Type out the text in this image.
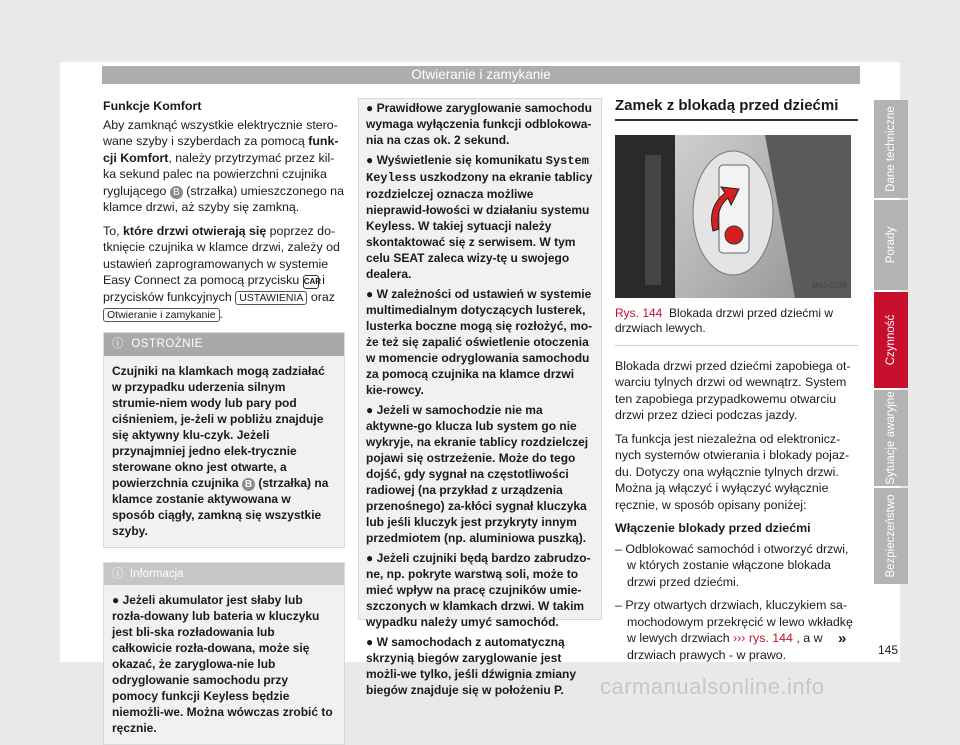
Otwieranie i zamykanie
Funkcje Komfort

Aby zamknąć wszystkie elektrycznie stero-wane szyby i szyberdach za pomocą funk-cji Komfort, należy przytrzymać przez kil-ka sekund palec na powierzchni czujnika ryglującego B (strzałka) umieszczonego na klamce drzwi, aż szyby się zamkną.

To, które drzwi otwierają się poprzez do-tknięcie czujnika w klamce drzwi, zależy od ustawień zaprogramowanych w systemie Easy Connect za pomocą przycisku CAR i przycisków funkcyjnych USTAWIENIA oraz Otwieranie i zamykanie .

ⓘ OSTROŻNIE
Czujniki na klamkach mogą zadziałać w przypadku uderzenia silnym strumie-niem wody lub pary pod ciśnieniem, je-żeli w pobliżu znajduje się aktywny klu-czyk. Jeżeli przynajmniej jedno elek-trycznie sterowane okno jest otwarte, a powierzchnia czujnika B (strzałka) na klamce zostanie aktywowana w sposób ciągły, zamkną się wszystkie szyby.
ⓘ Informacja
● Jeżeli akumulator jest słaby lub rozła-dowany lub bateria w kluczyku jest bli-ska rozładowania lub całkowicie rozła-dowana, może się okazać, że zaryglowa-nie lub odryglowanie samochodu przy pomocy funkcji Keyless będzie niemożli-we. Można wówczas zrobić to ręcznie.

● Prawidłowe zaryglowanie samochodu wymaga wyłączenia funkcji odblokowa-nia na czas ok. 2 sekund.

● Wyświetlenie się komunikatu System Keyless uszkodzony na ekranie tablicy rozdzielczej oznacza możliwe nieprawid-łowości w działaniu systemu Keyless. W takiej sytuacji należy skontaktować się z serwisem. W tym celu SEAT zaleca wizy-tę u swojego dealera.

● W zależności od ustawień w systemie multimedialnym dotyczących lusterek, lusterka boczne mogą się rozłożyć, mo-że też się zapalić oświetlenie otoczenia w momencie odryglowania samochodu za pomocą czujnika na klamce drzwi kie-rowcy.

● Jeżeli w samochodzie nie ma aktywne-go klucza lub system go nie wykryje, na ekranie tablicy rozdzielczej pojawi się ostrzeżenie. Może do tego dojść, gdy sygnał na częstotliwości radiowej (na przykład z urządzenia przenośnego) za-kłóci sygnał kluczyka lub jeśli kluczyk jest przykryty innym przedmiotem (np. aluminiowa puszką).

● Jeżeli czujniki będą bardzo zabrudzo-ne, np. pokryte warstwą soli, może to mieć wpływ na pracę czujników umie-szczonych w klamkach drzwi. W takim wypadku należy umyć samochód.

● W samochodach z automatyczną skrzynią biegów zaryglowanie jest możli-we tylko, jeśli dźwignia zmiany biegów znajduje się w położeniu P.

Zamek z blokadą przed dziećmi
B6J-0338
Rys. 144 Blokada drzwi przed dziećmi w drzwiach lewych.

Blokada drzwi przed dziećmi zapobiega ot-warciu tylnych drzwi od wewnątrz. System ten zapobiega przypadkowemu otwarciu drzwi przez dzieci podczas jazdy.

Ta funkcja jest niezależna od elektronicz-nych systemów otwierania i blokady pojaz-du. Dotyczy ona wyłącznie tylnych drzwi. Można ją włączyć i wyłączyć wyłącznie ręcznie, w sposób opisany poniżej:

Włączenie blokady przed dziećmi

– Odblokować samochód i otworzyć drzwi, w których zostanie włączone blokada drzwi przed dziećmi.

– Przy otwartych drzwiach, kluczykiem sa-mochodowym przekręcić w lewo wkładkę w lewych drzwiach ››› rys. 144 , a w drzwiach prawych - w prawo.

»
Dane techniczne
Porady
Czynność
Sytuacje awaryjne
Bezpieczeństwo
145
carmanualsonline.info
